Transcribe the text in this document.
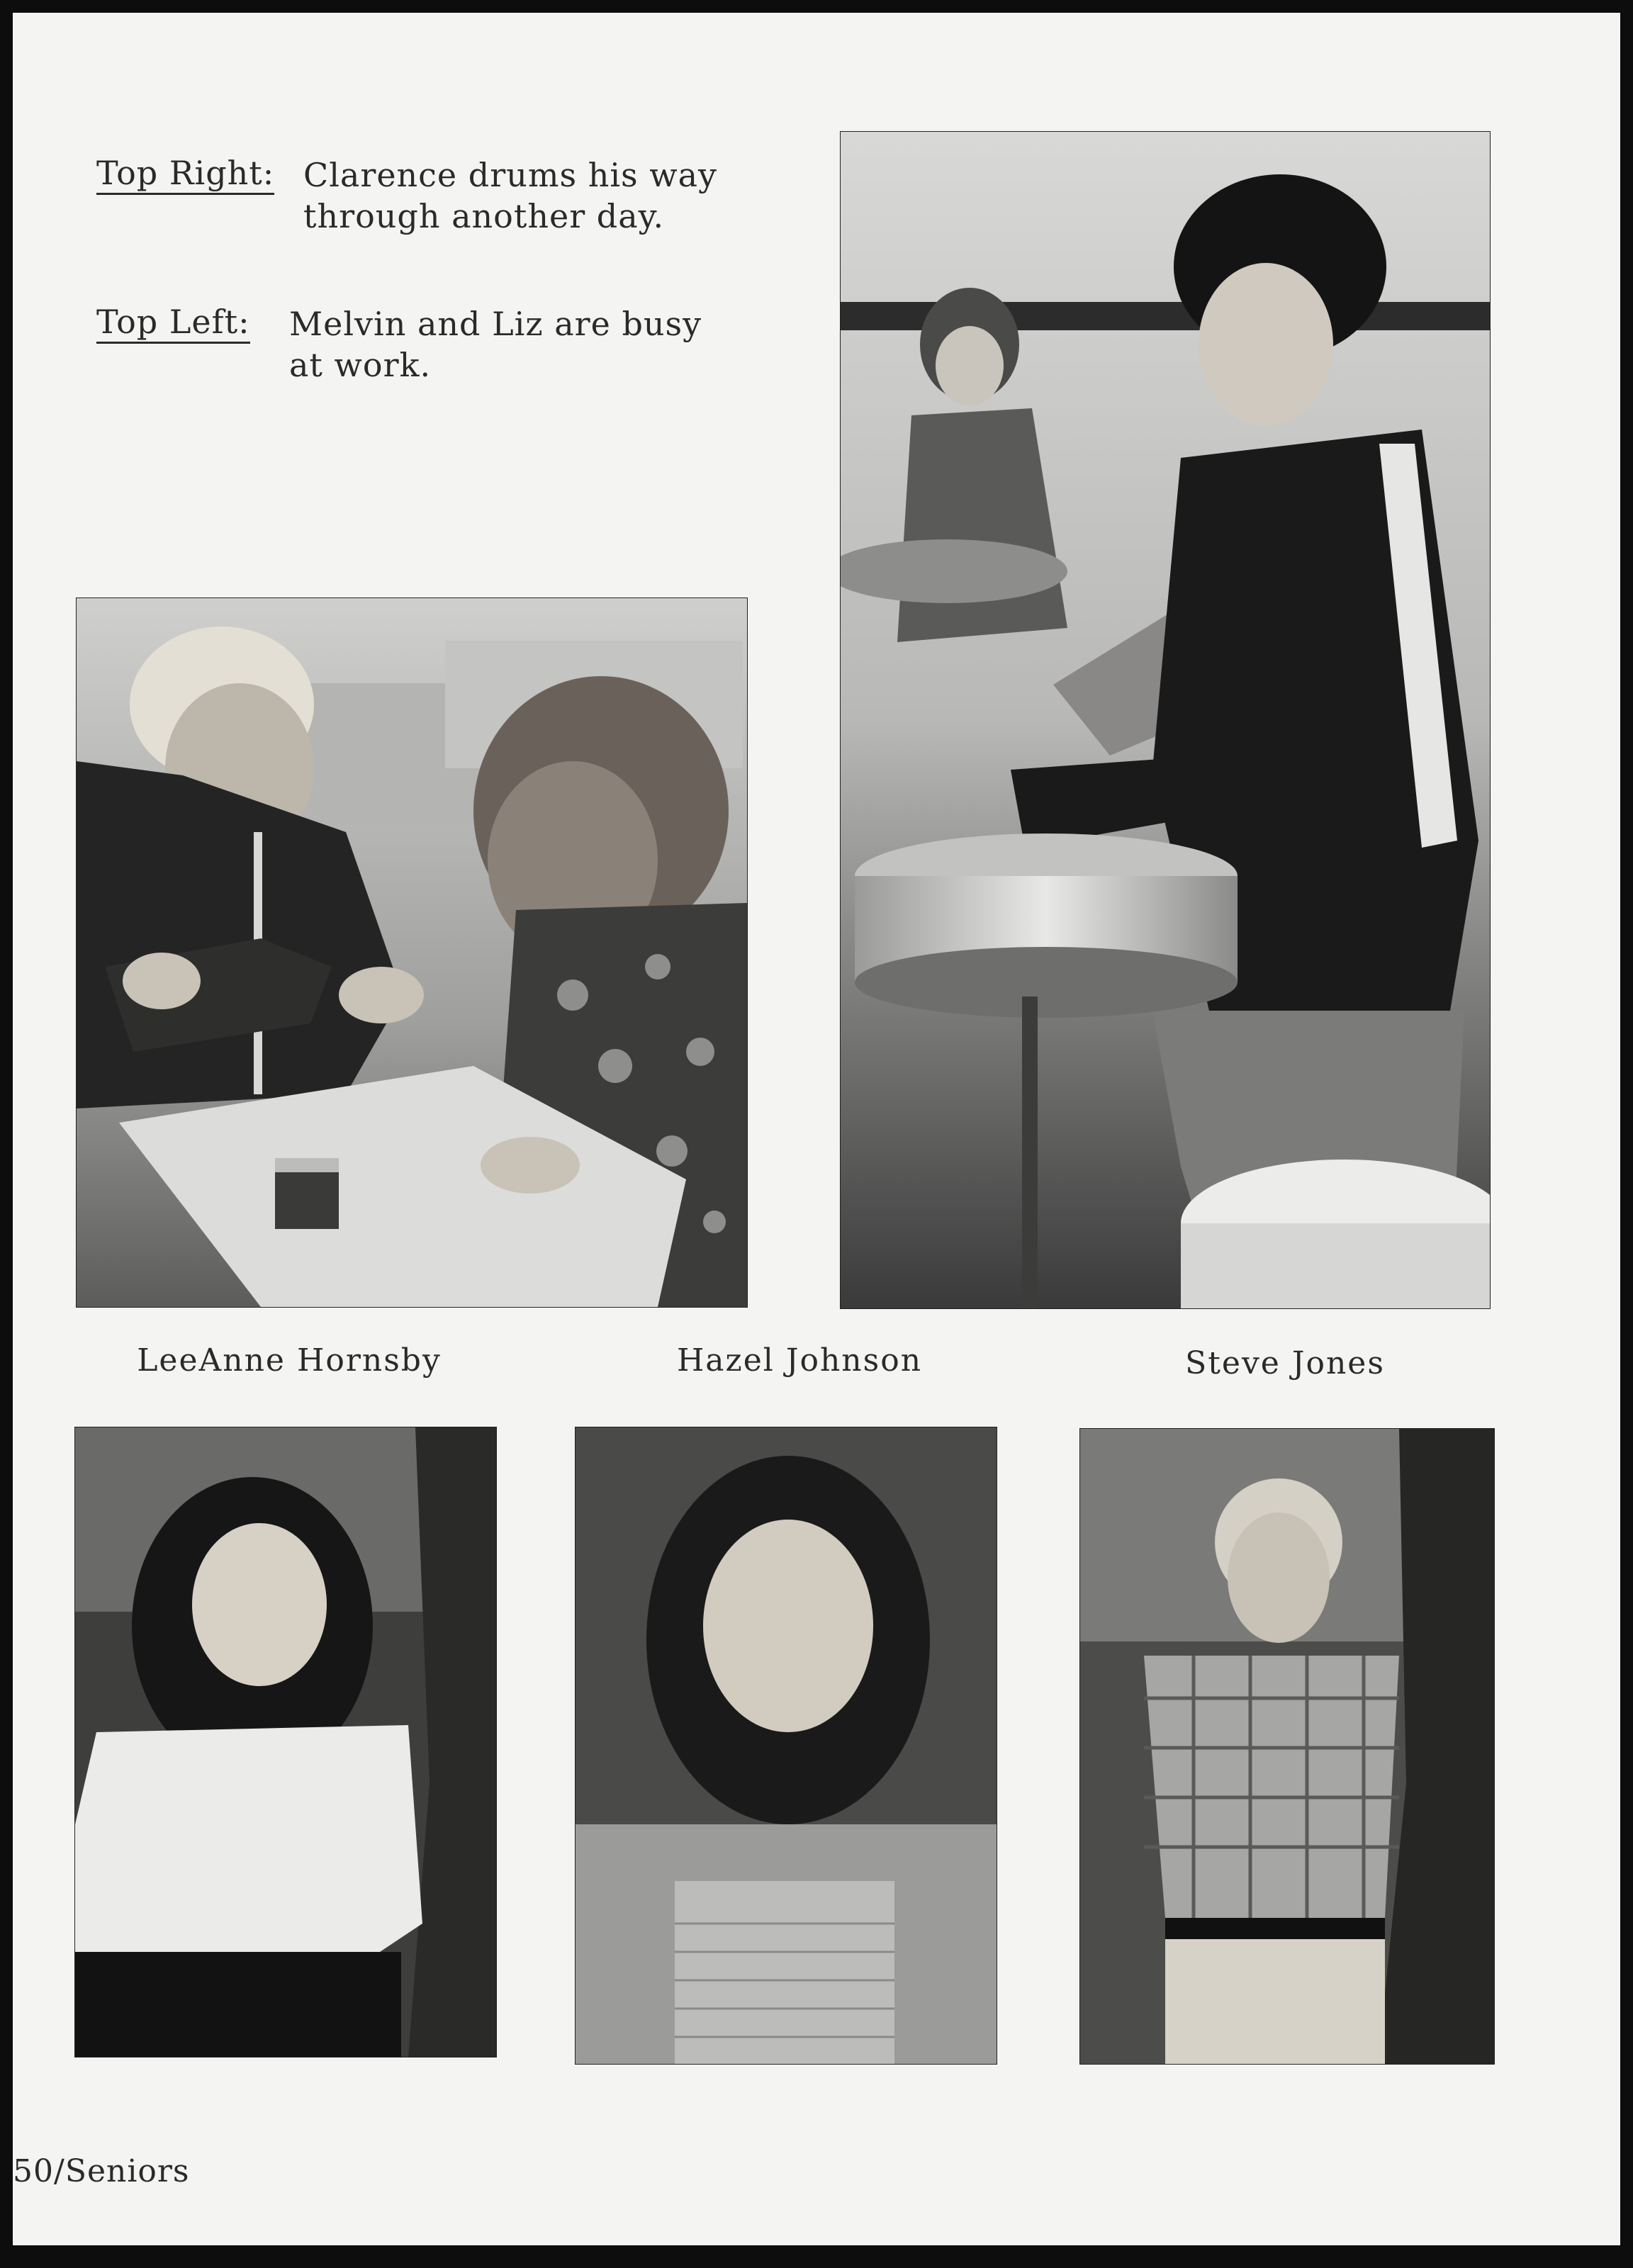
Top Right: Clarence drums his way
through another day.
Top Left: Melvin and Liz are busy
at work.
LeeAnne Hornsby	Hazel Johnson	Steve Jones
50/Seniors
